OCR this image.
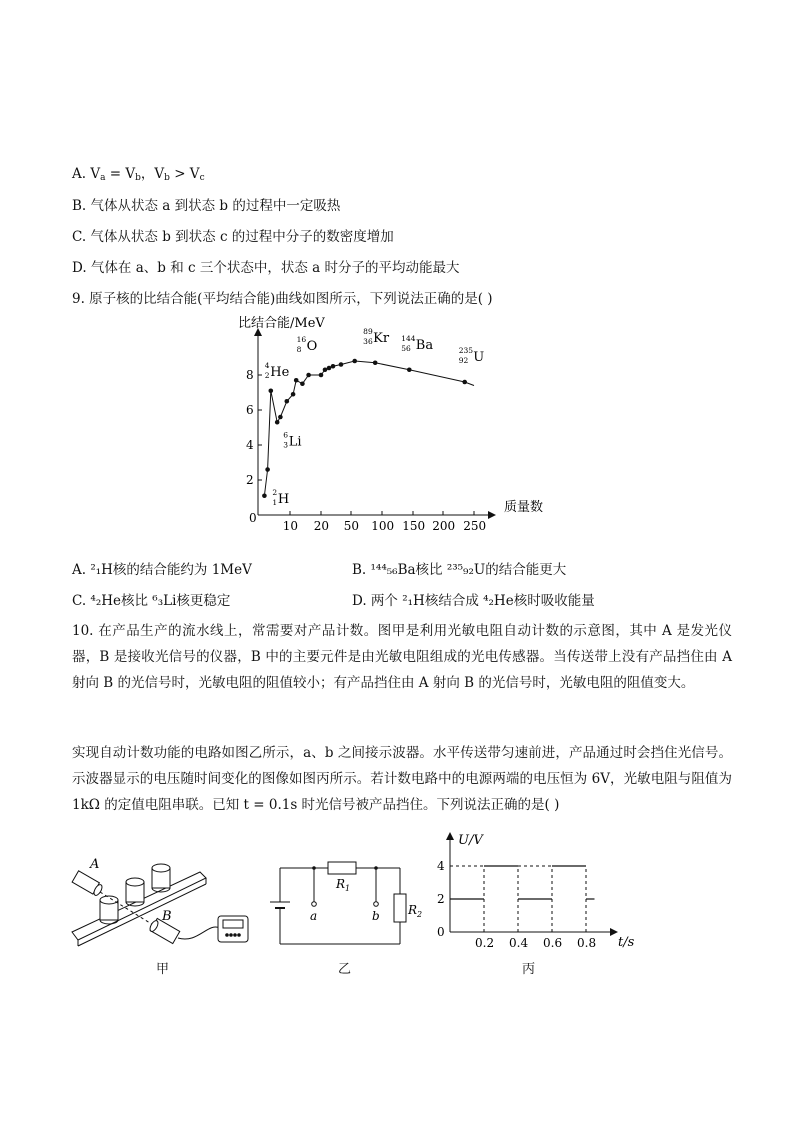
A. $V_a = V_b$，$V_b > V_c$
B. 气体从状态 a 到状态 b 的过程中一定吸热
C. 气体从状态 b 到状态 c 的过程中分子的数密度增加
D. 气体在 a、b 和 c 三个状态中，状态 a 时分子的平均动能最大
9. 原子核的比结合能(平均结合能)曲线如图所示，下列说法正确的是( )
比结合能/MeV
质量数
0
2
4
6
8
10 20 50 100 150 200 250
4
2 He
16
8 O
89
36 Kr 144
56 Ba	235
92 U
6
3 Li
2
1 H
A. ²₁H核的结合能约为 1MeV	B. ¹⁴⁴₅₆Ba核比 ²³⁵₉₂U的结合能更大
C. ⁴₂He核比 ⁶₃Li核更稳定	D. 两个 ²₁H核结合成 ⁴₂He核时吸收能量
10. 在产品生产的流水线上，常需要对产品计数。图甲是利用光敏电阻自动计数的示意图，其中 A 是发光仪器，B 是接收光信号的仪器，B 中的主要元件是由光敏电阻组成的光电传感器。当传送带上没有产品挡住由 A 射向 B 的光信号时，光敏电阻的阻值较小；有产品挡住由 A 射向 B 的光信号时，光敏电阻的阻值变大。
实现自动计数功能的电路如图乙所示，a、b 之间接示波器。水平传送带匀速前进，产品通过时会挡住光信号。示波器显示的电压随时间变化的图像如图丙所示。若计数电路中的电源两端的电压恒为 6V，光敏电阻与阻值为 1kΩ 的定值电阻串联。已知 t = 0.1s 时光信号被产品挡住。下列说法正确的是( )
A
B
甲
$R_1$
$R_2$
a	b
乙
U/V
t/s
4
2
0
0.2 0.4 0.6 0.8
丙
